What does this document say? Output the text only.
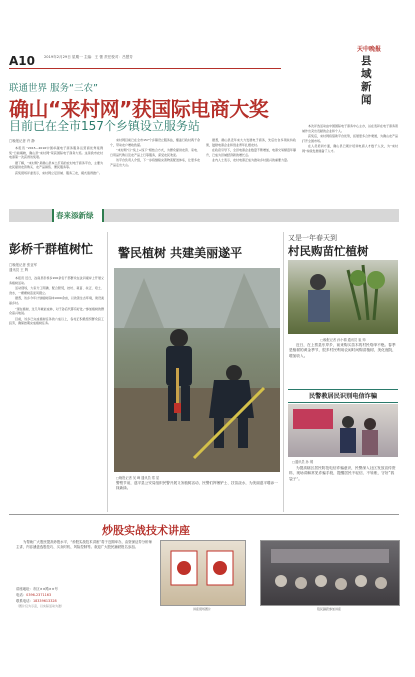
A10	2019年2月29日 星期一 主编：王 蕾 责任校对：吕慧芳
天中晚报
县域新闻
联通世界 服务“三农”
确山“来村网”获国际电商大奖
目前已在全市157个乡镇设立服务站
□晚报记者 许 静

本报讯 “2015—2016中国卓越电子商务服务运营商优秀案例奖”日前揭晓，确山县“来村网”荣获国际电子商务大奖。这是我市农村电商第一次获得该奖项。

据了解，“来村网”是确山县本土打造的农村电子商务平台，主要为农民提供农资购买、农产品销售、便民服务等。

获奖现场评委表示，来村网立足县域、服务三农，模式值得推广。

来村网目前已在全市157个乡镇设立服务站，覆盖行政村两千余个，带动农户增收致富。

“来村网”以“线上+线下”相结合方式，为群众提供农资、家电、日用品代购以及农产品上行等服务，深受农民欢迎。

该平台负责人介绍，下一步将继续完善物流配送体系，让更多农产品走出大山。

据悉，确山县近年来大力发展电子商务，先后出台多项扶持政策，鼓励电商企业和创业青年扎根农村。

在政府引导下，全县电商企业数量不断增加，电商交易额逐年攀升，已成为县域经济新的增长点。

业内人士表示，农村电商正成为推动乡村振兴的重要力量。

本次评选活动由中国国际电子商务中心主办，旨在表彰在电子商务领域作出突出贡献的企业和个人。

获奖后，来村网将借助平台优势，拓展更多合作渠道，为确山农产品打开全国市场。

在人员培训方面，确山县已累计培训电商人才数千人次，为“来村网”持续发展储备了人才。

春来添新绿
彭桥千群植树忙
□晚报记者 张亚军
通讯员 王 辉

本报讯 近日，汝南县彭桥乡200余名干部群众在汝河堤岸上开展义务植树活动。

活动现场，大家分工明确、配合默契，挖坑、栽苗、扶正、培土、浇水，一棵棵树苗迎风挺立。

据悉，该乡今年计划植树造林1000余亩，以改善生态环境，建设美丽乡村。

“现在植树，过几年就能成林，对子孙后代都有好处。”参加植树的群众高兴地说。

目前，该乡已完成植树任务的六成以上，各村正积极组织群众投工投劳，确保按期完成植树任务。

警民植树 共建美丽遂平
□晚报记者 吴 峰 通讯员 郑 星
警察节前，遂平县公安局组织民警开展义务植树活动，民警们挥锹铲土、扶苗浇水，为美丽遂平增添一抹新绿。
又是一年春天到
村民购苗忙植树
□晚报记者 孙小棉 通讯员 崔 帅
近日，在上蔡县东岸乡，前来购买苗木的村民络绎不绝。春季是植树的黄金季节，很多村民利用农闲时间购苗植树，美化庭院，增加收入。
民警教居民识别电信诈骗
□通讯员 孙 纲
为提高辖区居民防范电信诈骗意识，民警深入社区发放宣传资料，现场讲解常见诈骗手段，提醒居民不轻信、不转账，守好“钱袋子”。
炒股实战技术讲座
为帮助广大股民提高炒股水平，“炒股实战技术讲座”将于近期举办，由资深证券分析师主讲，内容涵盖选股技巧、买卖时机、风险控制等。欢迎广大股民踊跃报名参加。
讲座地址：市区××路××号
电话：0396-2371163
联系电话：18339613328
（图片仅为示意，以实际活动为准）
讲座现场图片	股民踊跃参加讲座
